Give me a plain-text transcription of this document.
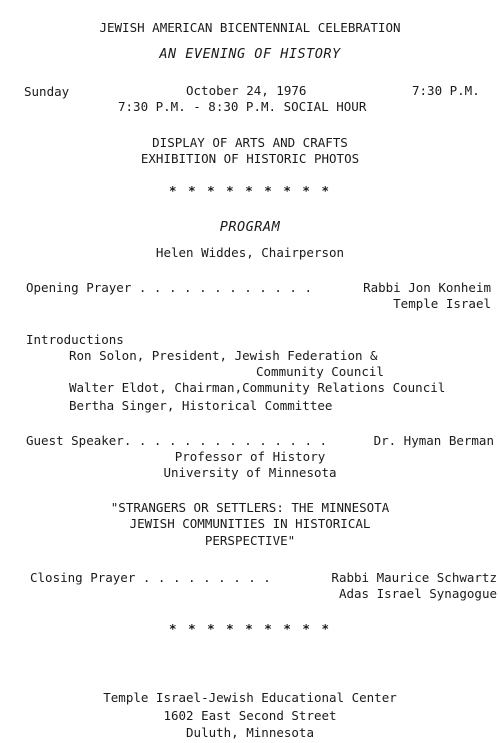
JEWISH AMERICAN BICENTENNIAL CELEBRATION
AN EVENING OF HISTORY
Sunday	October 24, 1976	7:30 P.M.
7:30 P.M. - 8:30 P.M. SOCIAL HOUR
DISPLAY OF ARTS AND CRAFTS
EXHIBITION OF HISTORIC PHOTOS
* * * * * * * * *
PROGRAM
Helen Widdes, Chairperson
Opening Prayer . . . . . . . . . . . .	Rabbi Jon Konheim
Temple Israel
Introductions
Ron Solon, President, Jewish Federation &
Community Council
Walter Eldot, Chairman,Community Relations Council
Bertha Singer, Historical Committee
Guest Speaker. . . . . . . . . . . . . .	Dr. Hyman Berman
Professor of History
University of Minnesota
"STRANGERS OR SETTLERS: THE MINNESOTA
JEWISH COMMUNITIES IN HISTORICAL
PERSPECTIVE"
Closing Prayer . . . . . . . . .	Rabbi Maurice Schwartz
Adas Israel Synagogue
* * * * * * * * *
Temple Israel-Jewish Educational Center
1602 East Second Street
Duluth, Minnesota
